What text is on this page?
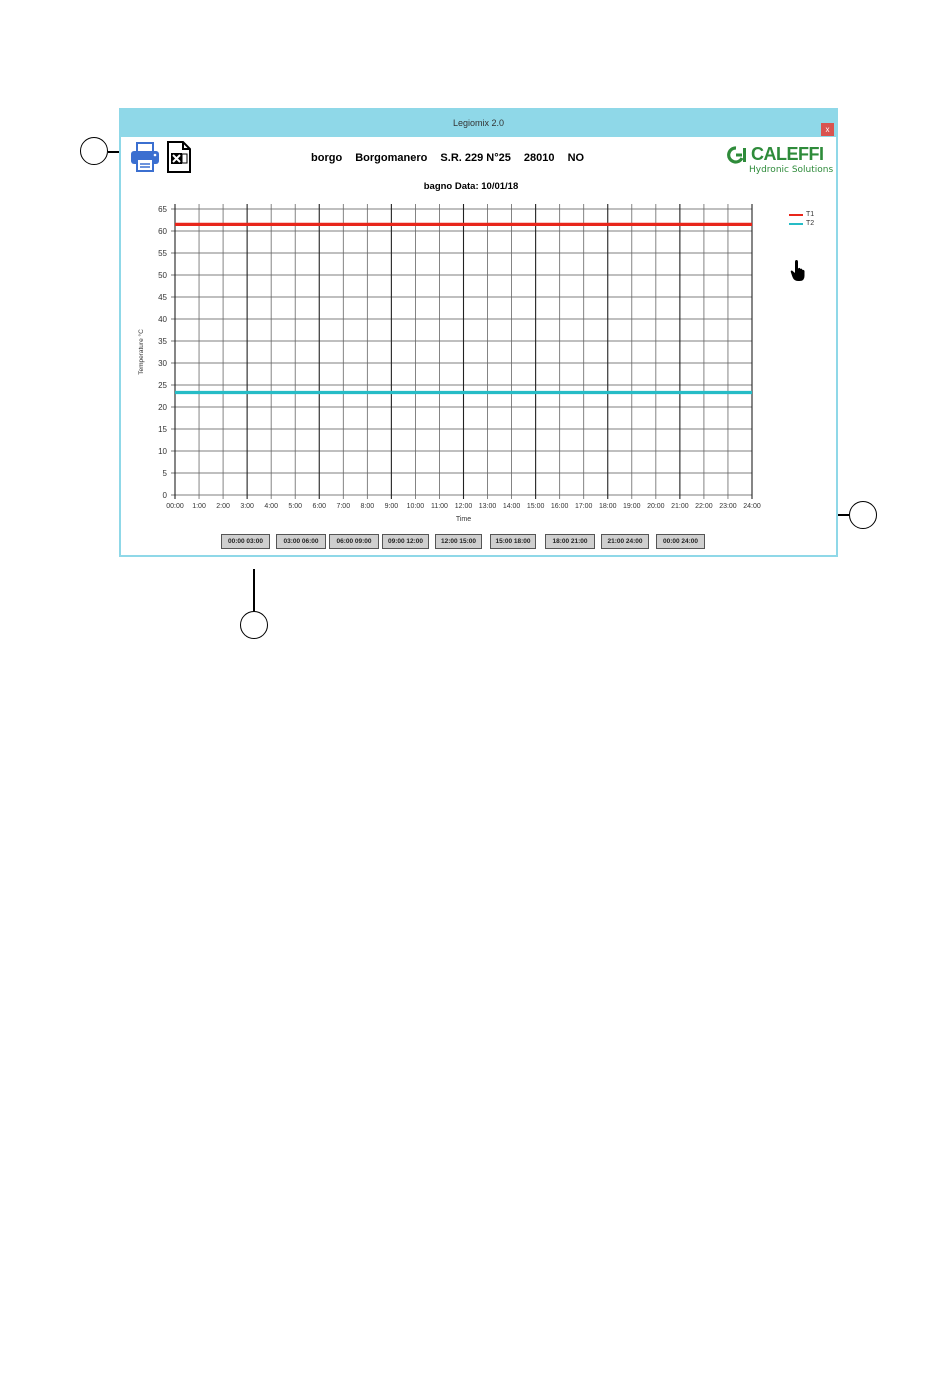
Legiomix 2.0
x
borgo Borgomanero S.R. 229 N°25 28010 NO
bagno Data: 10/01/18
CALEFFI
Hydronic Solutions
0
5
10
15
20
25
30
35
40
45
50
55
60
65
00:00 1:00 2:00 3:00 4:00 5:00 6:00 7:00 8:00 9:00 10:00 11:00 12:00 13:00 14:00 15:00 16:00 17:00 18:00 19:00 20:00 21:00 22:00 23:00 24:00
Time
Temperature °C
T1
T2
00:00 03:00	03:00 06:00	06:00 09:00	09:00 12:00	12:00 15:00	15:00 18:00	18:00 21:00	21:00 24:00	00:00 24:00
